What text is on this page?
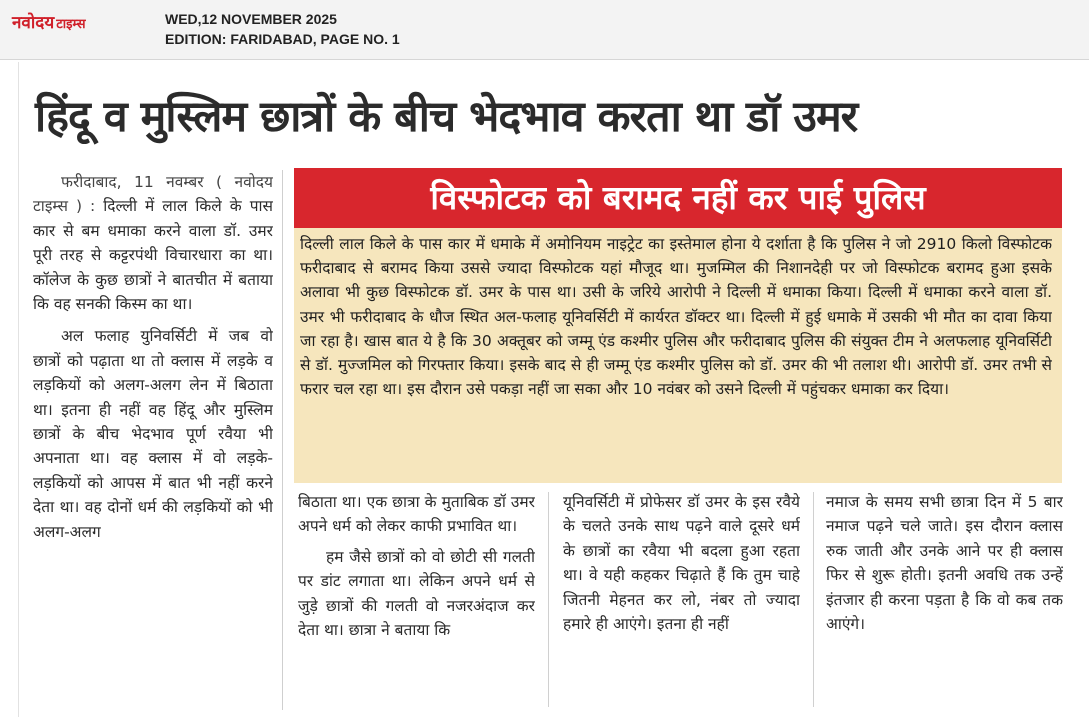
नवोदय टाइम्स	WED,12 NOVEMBER 2025
EDITION: FARIDABAD, PAGE NO. 1
हिंदू व मुस्लिम छात्रों के बीच भेदभाव करता था डॉ उमर

फरीदाबाद, 11 नवम्बर ( नवोदय टाइम्स ) : दिल्ली में लाल किले के पास कार से बम धमाका करने वाला डॉ. उमर पूरी तरह से कट्टरपंथी विचारधारा का था। कॉलेज के कुछ छात्रों ने बातचीत में बताया कि वह सनकी किस्म का था।

अल फलाह युनिवर्सिटी में जब वो छात्रों को पढ़ाता था तो क्लास में लड़के व लड़कियों को अलग-अलग लेन में बिठाता था। इतना ही नहीं वह हिंदू और मुस्लिम छात्रों के बीच भेदभाव पूर्ण रवैया भी अपनाता था। वह क्लास में वो लड़के-लड़कियों को आपस में बात भी नहीं करने देता था। वह दोनों धर्म की लड़कियों को भी अलग-अलग

विस्फोटक को बरामद नहीं कर पाई पुलिस
दिल्ली लाल किले के पास कार में धमाके में अमोनियम नाइट्रेट का इस्तेमाल होना ये दर्शाता है कि पुलिस ने जो 2910 किलो विस्फोटक फरीदाबाद से बरामद किया उससे ज्यादा विस्फोटक यहां मौजूद था। मुजम्मिल की निशानदेही पर जो विस्फोटक बरामद हुआ इसके अलावा भी कुछ विस्फोटक डॉ. उमर के पास था। उसी के जरिये आरोपी ने दिल्ली में धमाका किया। दिल्ली में धमाका करने वाला डॉ. उमर भी फरीदाबाद के धौज स्थित अल-फलाह यूनिवर्सिटी में कार्यरत डॉक्टर था। दिल्ली में हुई धमाके में उसकी भी मौत का दावा किया जा रहा है। खास बात ये है कि 30 अक्तूबर को जम्मू एंड कश्मीर पुलिस और फरीदाबाद पुलिस की संयुक्त टीम ने अलफलाह यूनिवर्सिटी से डॉ. मुज्जमिल को गिरफ्तार किया। इसके बाद से ही जम्मू एंड कश्मीर पुलिस को डॉ. उमर की भी तलाश थी। आरोपी डॉ. उमर तभी से फरार चल रहा था। इस दौरान उसे पकड़ा नहीं जा सका और 10 नवंबर को उसने दिल्ली में पहुंचकर धमाका कर दिया।

बिठाता था। एक छात्रा के मुताबिक डॉ उमर अपने धर्म को लेकर काफी प्रभावित था।

हम जैसे छात्रों को वो छोटी सी गलती पर डांट लगाता था। लेकिन अपने धर्म से जुड़े छात्रों की गलती वो नजरअंदाज कर देता था। छात्रा ने बताया कि

यूनिवर्सिटी में प्रोफेसर डॉ उमर के इस रवैये के चलते उनके साथ पढ़ने वाले दूसरे धर्म के छात्रों का रवैया भी बदला हुआ रहता था। वे यही कहकर चिढ़ाते हैं कि तुम चाहे जितनी मेहनत कर लो, नंबर तो ज्यादा हमारे ही आएंगे। इतना ही नहीं

नमाज के समय सभी छात्रा दिन में 5 बार नमाज पढ़ने चले जाते। इस दौरान क्लास रुक जाती और उनके आने पर ही क्लास फिर से शुरू होती। इतनी अवधि तक उन्हें इंतजार ही करना पड़ता है कि वो कब तक आएंगे।
